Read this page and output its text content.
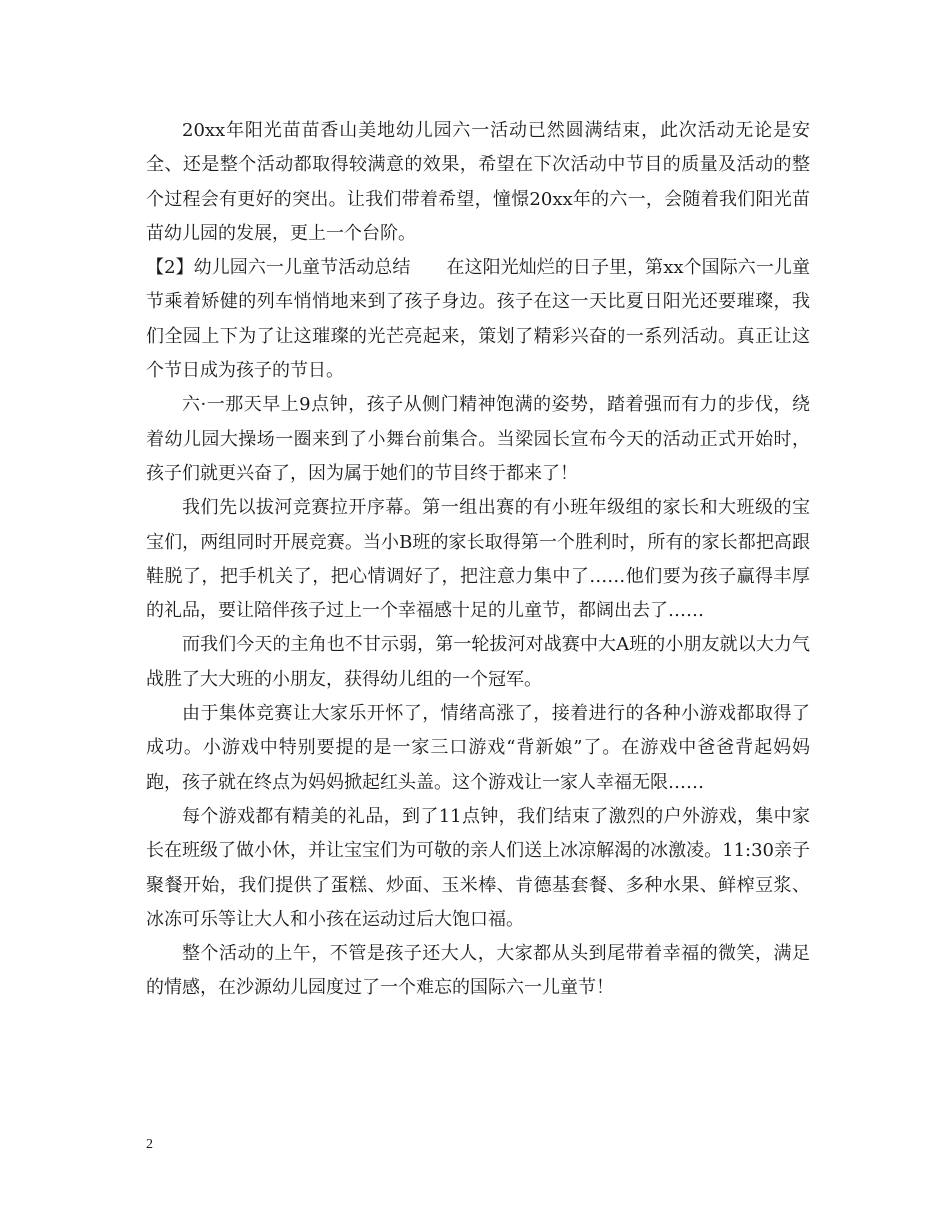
20xx年阳光苗苗香山美地幼儿园六一活动已然圆满结束，此次活动无论是安全、还是整个活动都取得较满意的效果，希望在下次活动中节目的质量及活动的整个过程会有更好的突出。让我们带着希望，憧憬20xx年的六一，会随着我们阳光苗苗幼儿园的发展，更上一个台阶。

【2】幼儿园六一儿童节活动总结 在这阳光灿烂的日子里，第xx个国际六一儿童节乘着矫健的列车悄悄地来到了孩子身边。孩子在这一天比夏日阳光还要璀璨，我们全园上下为了让这璀璨的光芒亮起来，策划了精彩兴奋的一系列活动。真正让这个节日成为孩子的节日。

六·一那天早上9点钟，孩子从侧门精神饱满的姿势，踏着强而有力的步伐，绕着幼儿园大操场一圈来到了小舞台前集合。当梁园长宣布今天的活动正式开始时，孩子们就更兴奋了，因为属于她们的节目终于都来了！

我们先以拔河竞赛拉开序幕。第一组出赛的有小班年级组的家长和大班级的宝宝们，两组同时开展竞赛。当小B班的家长取得第一个胜利时，所有的家长都把高跟鞋脱了，把手机关了，把心情调好了，把注意力集中了……他们要为孩子赢得丰厚的礼品，要让陪伴孩子过上一个幸福感十足的儿童节，都阔出去了……

而我们今天的主角也不甘示弱，第一轮拔河对战赛中大A班的小朋友就以大力气战胜了大大班的小朋友，获得幼儿组的一个冠军。

由于集体竞赛让大家乐开怀了，情绪高涨了，接着进行的各种小游戏都取得了成功。小游戏中特别要提的是一家三口游戏“背新娘”了。在游戏中爸爸背起妈妈跑，孩子就在终点为妈妈掀起红头盖。这个游戏让一家人幸福无限……

每个游戏都有精美的礼品，到了11点钟，我们结束了激烈的户外游戏，集中家长在班级了做小休，并让宝宝们为可敬的亲人们送上冰凉解渴的冰激凌。11:30亲子聚餐开始，我们提供了蛋糕、炒面、玉米棒、肯德基套餐、多种水果、鲜榨豆浆、冰冻可乐等让大人和小孩在运动过后大饱口福。

整个活动的上午，不管是孩子还大人，大家都从头到尾带着幸福的微笑，满足的情感，在沙源幼儿园度过了一个难忘的国际六一儿童节！

2
